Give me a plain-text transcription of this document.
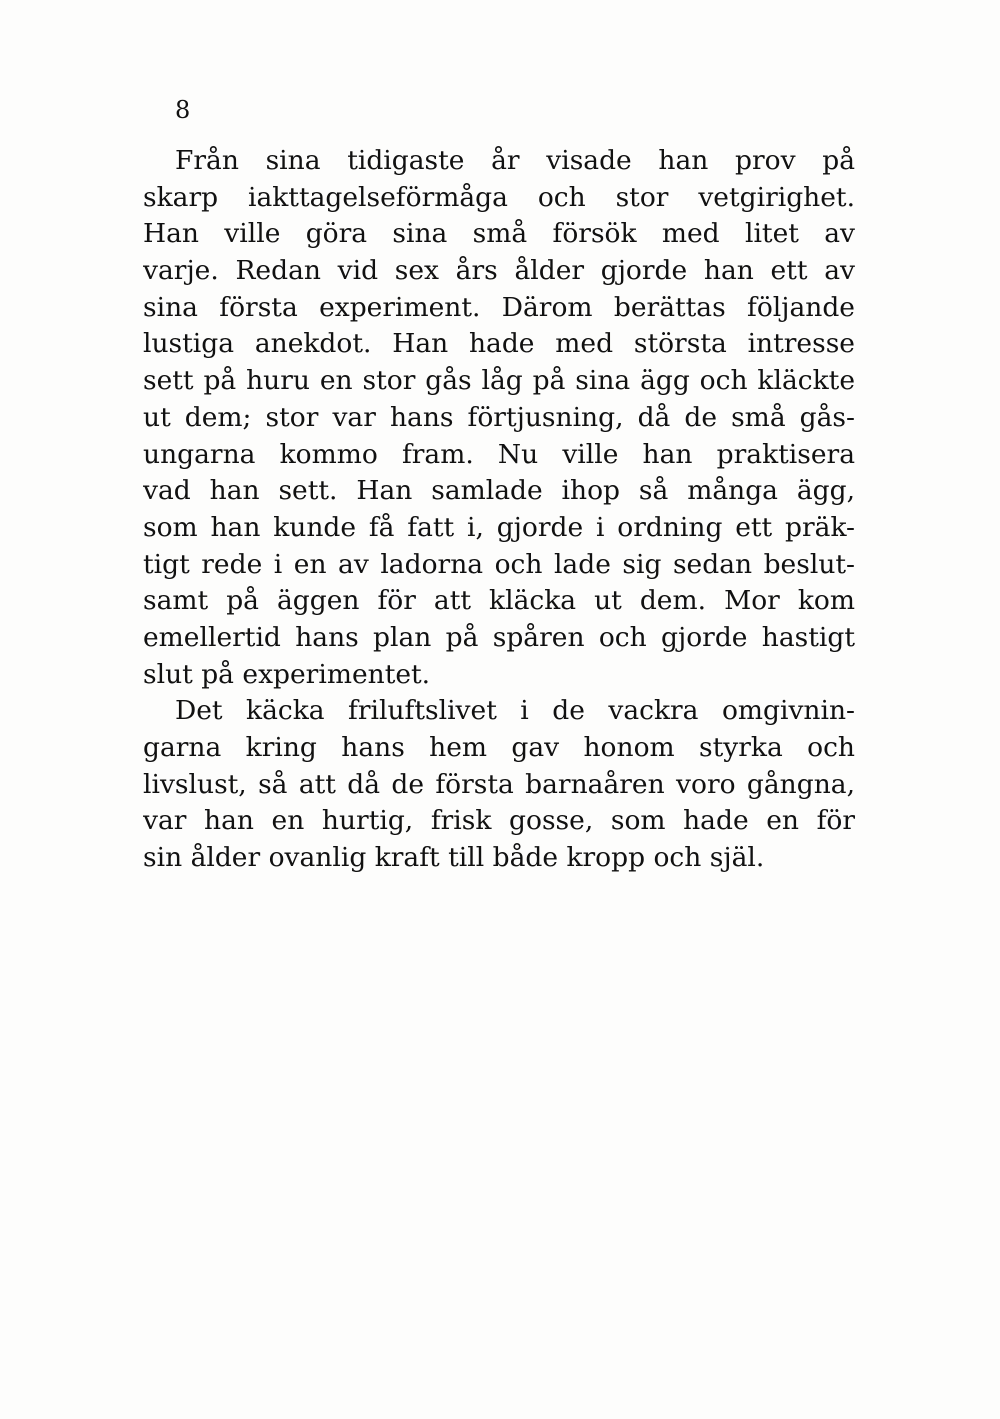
8
Från sina tidigaste år visade han prov på
skarp iakttagelseförmåga och stor vetgirighet.
Han ville göra sina små försök med litet av
varje. Redan vid sex års ålder gjorde han ett av
sina första experiment. Därom berättas följande
lustiga anekdot. Han hade med största intresse
sett på huru en stor gås låg på sina ägg och kläckte
ut dem; stor var hans förtjusning, då de små gås-
ungarna kommo fram. Nu ville han praktisera
vad han sett. Han samlade ihop så många ägg,
som han kunde få fatt i, gjorde i ordning ett präk-
tigt rede i en av ladorna och lade sig sedan beslut-
samt på äggen för att kläcka ut dem. Mor kom
emellertid hans plan på spåren och gjorde hastigt
slut på experimentet.
Det käcka friluftslivet i de vackra omgivnin-
garna kring hans hem gav honom styrka och
livslust, så att då de första barnaåren voro gångna,
var han en hurtig, frisk gosse, som hade en för
sin ålder ovanlig kraft till både kropp och själ.
